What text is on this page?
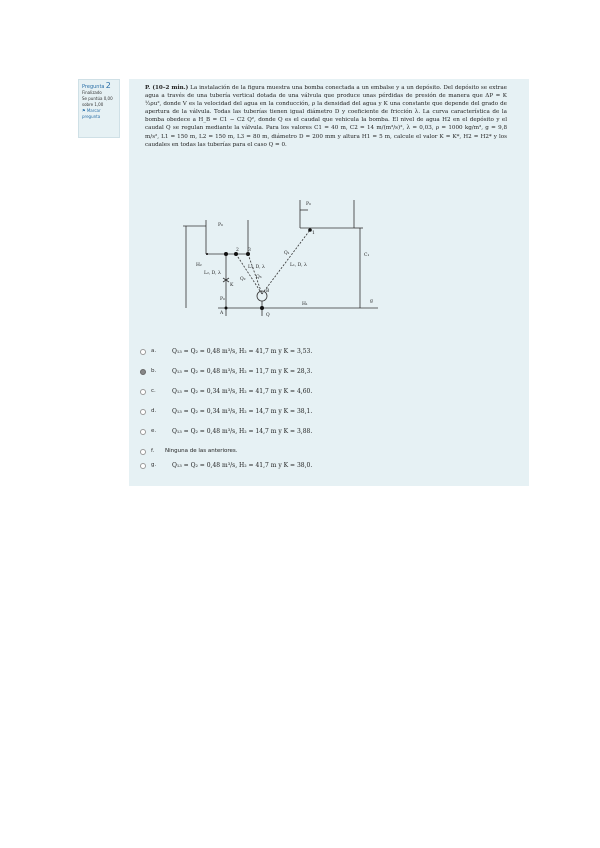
Pregunta 2
Finalizado
Se puntúa 0,00 sobre 1,00
⚑ Marcar pregunta
P. (10–2 min.) La instalación de la figura muestra una bomba conectada a un embalse y a un depósito. Del depósito se extrae agua a través de una tubería vertical dotada de una válvula que produce unas pérdidas de presión de manera que ΔP = K ½ρu², donde V es la velocidad del agua en la conducción, ρ la densidad del agua y K una constante que depende del grado de apertura de la válvula. Todas las tuberías tienen igual diámetro D y coeficiente de fricción λ. La curva característica de la bomba obedece a H_B = C1 − C2 Q², donde Q es el caudal que vehicula la bomba. El nivel de agua H2 en el depósito y el caudal Q se regulan mediante la válvula. Para los valores C1 = 40 m, C2 = 14 m/(m³/s)², λ = 0,03, ρ = 1000 kg/m³, g = 9,8 m/s², L1 = 150 m, L2 = 150 m, L3 = 80 m, diámetro D = 200 mm y altura H1 = 5 m, calcule el valor K = K*, H2 = H2* y los caudales en todas las tuberías para el caso Q = 0.
P₀
P₀
H₂
C₁
L₂, D, λ
L₁, D, λ
L₃, D, λ
Q₁
Q₂ Q₃
K
B
A
P₀
Q
1
2 3
g
H₁
a.	Q₁₃ = Q₂ = 0,48 m³/s, H₂ = 41,7 m y K = 3,53.
b.	Q₁₃ = Q₂ = 0,48 m³/s, H₂ = 11,7 m y K = 28,3.
c.	Q₁₃ = Q₂ = 0,34 m³/s, H₂ = 41,7 m y K = 4,60.
d.	Q₁₃ = Q₂ = 0,34 m³/s, H₂ = 14,7 m y K = 38,1.
e.	Q₁₃ = Q₂ = 0,48 m³/s, H₂ = 14,7 m y K = 3,88.
f. Ninguna de las anteriores.
g.	Q₁₃ = Q₂ = 0,48 m³/s, H₂ = 41,7 m y K = 38,0.
